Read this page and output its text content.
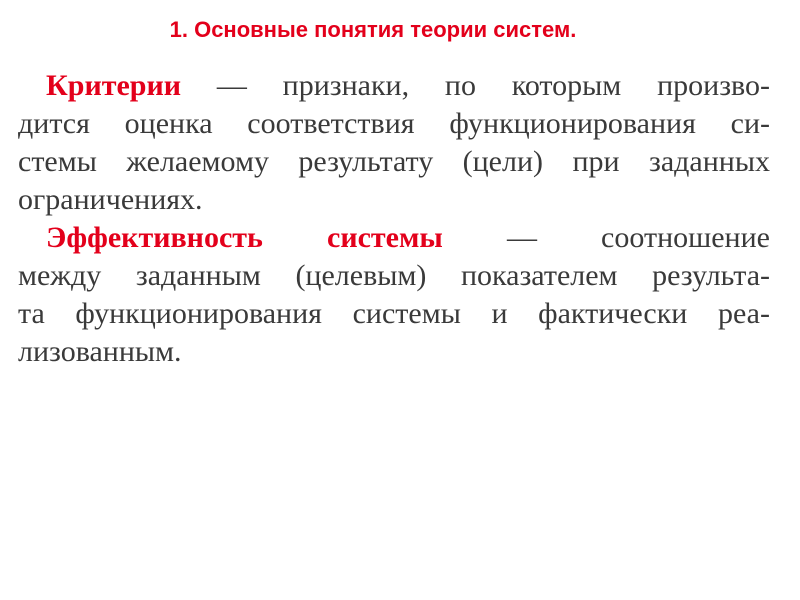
1. Основные понятия теории систем.
Критерии — признаки, по которым произво-
дится оценка соответствия функционирования си-
стемы желаемому результату (цели) при заданных
ограничениях.
Эффективность системы — соотношение
между заданным (целевым) показателем результа-
та функционирования системы и фактически реа-
лизованным.
